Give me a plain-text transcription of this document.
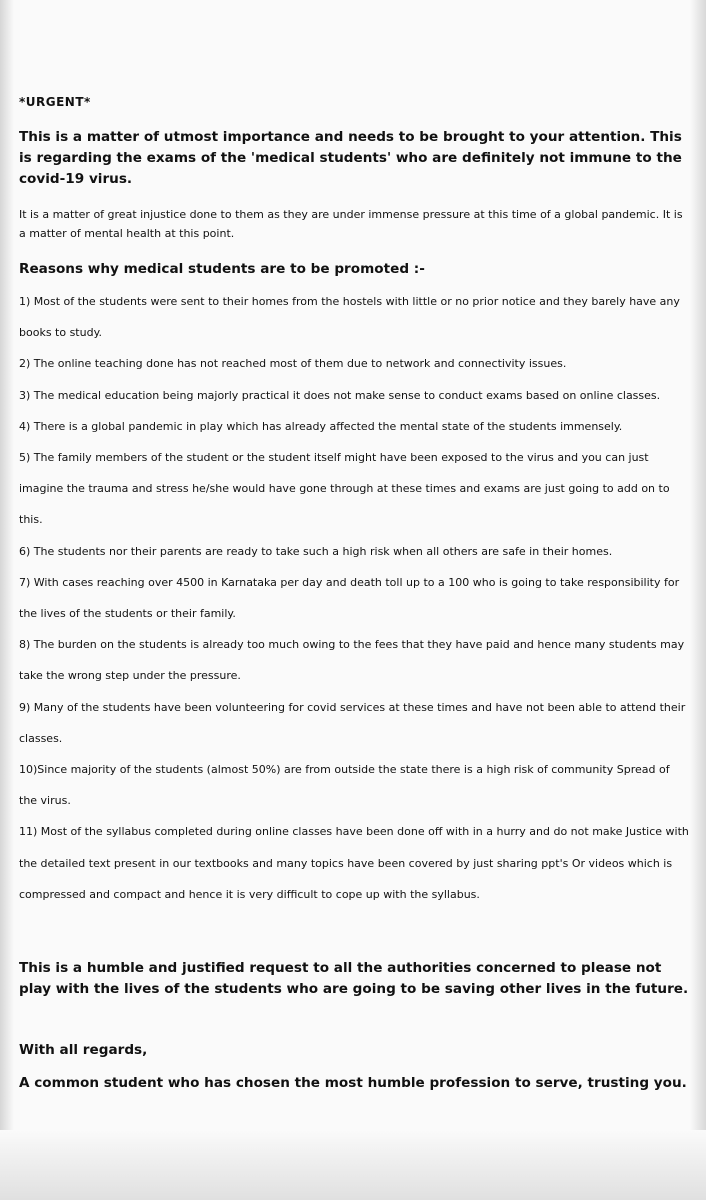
*URGENT*

This is a matter of utmost importance and needs to be brought to your attention. This is regarding the exams of the 'medical students' who are definitely not immune to the covid-19 virus.

It is a matter of great injustice done to them as they are under immense pressure at this time of a global pandemic. It is a matter of mental health at this point.

Reasons why medical students are to be promoted :-
1) Most of the students were sent to their homes from the hostels with little or no prior notice and they barely have any books to study.
2) The online teaching done has not reached most of them due to network and connectivity issues.
3) The medical education being majorly practical it does not make sense to conduct exams based on online classes.
4) There is a global pandemic in play which has already affected the mental state of the students immensely.
5) The family members of the student or the student itself might have been exposed to the virus and you can just imagine the trauma and stress he/she would have gone through at these times and exams are just going to add on to this.
6) The students nor their parents are ready to take such a high risk when all others are safe in their homes.
7) With cases reaching over 4500 in Karnataka per day and death toll up to a 100 who is going to take responsibility for the lives of the students or their family.
8) The burden on the students is already too much owing to the fees that they have paid and hence many students may take the wrong step under the pressure.
9) Many of the students have been volunteering for covid services at these times and have not been able to attend their classes.
10)Since majority of the students (almost 50%) are from outside the state there is a high risk of community Spread of the virus.
11) Most of the syllabus completed during online classes have been done off with in a hurry and do not make Justice with the detailed text present in our textbooks and many topics have been covered by just sharing ppt's Or videos which is compressed and compact and hence it is very difficult to cope up with the syllabus.

This is a humble and justified request to all the authorities concerned to please not play with the lives of the students who are going to be saving other lives in the future.

With all regards,

A common student who has chosen the most humble profession to serve, trusting you.
